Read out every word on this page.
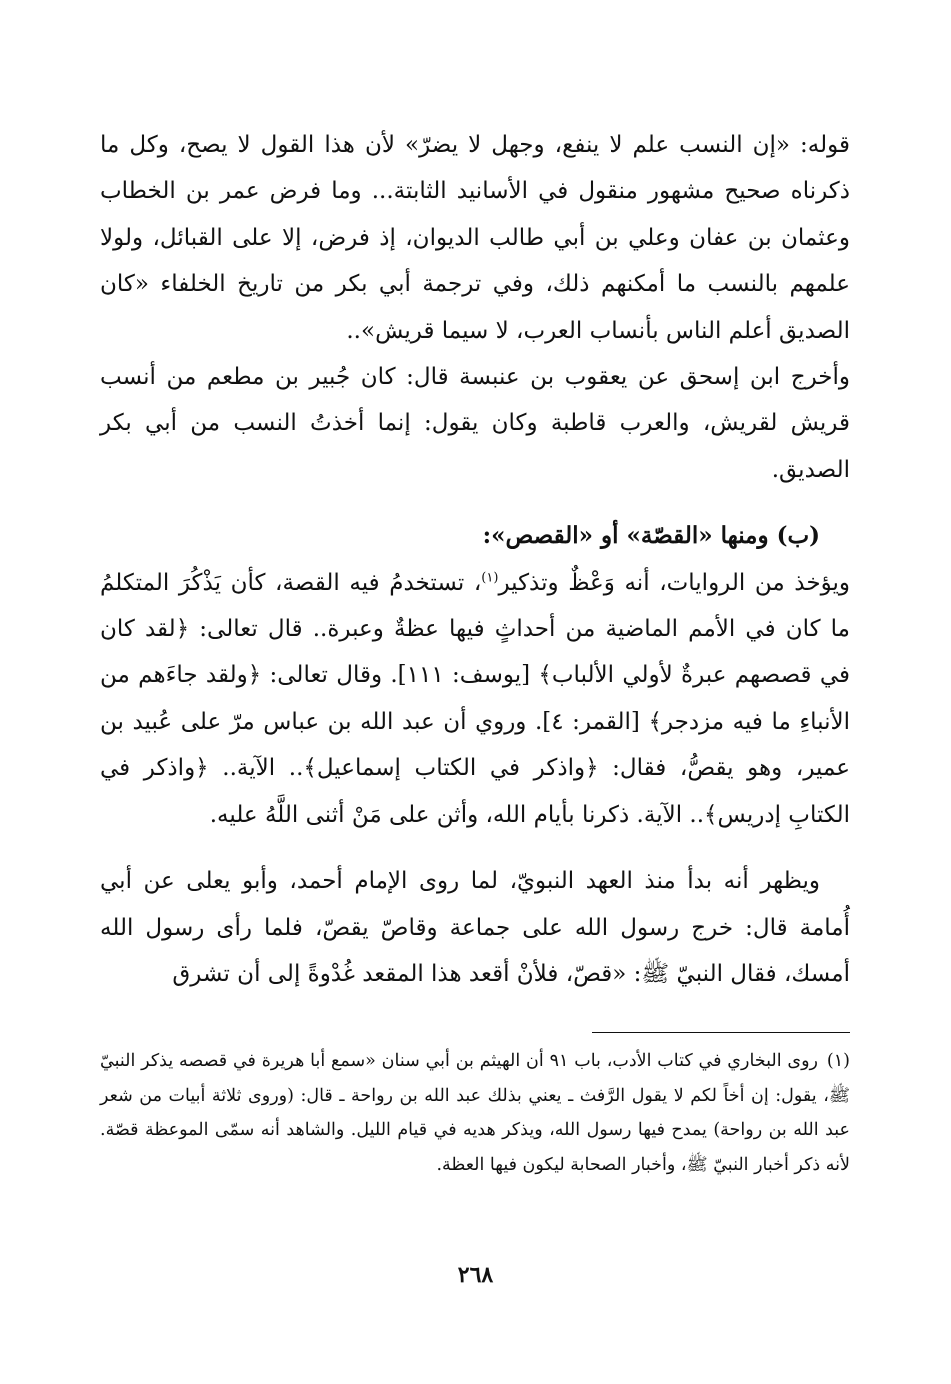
قوله: «إن النسب علم لا ينفع، وجهل لا يضرّ» لأن هذا القول لا يصح، وكل ما ذكرناه صحيح مشهور منقول في الأسانيد الثابتة... وما فرض عمر بن الخطاب وعثمان بن عفان وعلي بن أبي طالب الديوان، إذ فرض، إلا على القبائل، ولولا علمهم بالنسب ما أمكنهم ذلك، وفي ترجمة أبي بكر من تاريخ الخلفاء «كان الصديق أعلم الناس بأنساب العرب، لا سيما قريش»..

وأخرج ابن إسحق عن يعقوب بن عنبسة قال: كان جُبير بن مطعم من أنسب قريش لقريش، والعرب قاطبة وكان يقول: إنما أخذتُ النسب من أبي بكر الصديق.

(ب) ومنها «القصّة» أو «القصص»:

ويؤخذ من الروايات، أنه وَعْظٌ وتذكير$^{(١)}$، تستخدمُ فيه القصة، كأن يَذْكُرَ المتكلمُ ما كان في الأمم الماضية من أحداثٍ فيها عظةٌ وعبرة.. قال تعالى: ﴿لقد كان في قصصهم عبرةٌ لأولي الألباب﴾ [يوسف: ١١١]. وقال تعالى: ﴿ولقد جاءَهم من الأنباءِ ما فيه مزدجر﴾ [القمر: ٤]. وروي أن عبد الله بن عباس مرّ على عُبيد بن عمير، وهو يقصُّ، فقال: ﴿واذكر في الكتاب إسماعيل﴾.. الآية.. ﴿واذكر في الكتابِ إدريس﴾.. الآية. ذكرنا بأيام الله، وأثن على مَنْ أثنى اللَّهُ عليه.

ويظهر أنه بدأ منذ العهد النبويّ، لما روى الإمام أحمد، وأبو يعلى عن أبي أُمامة قال: خرج رسول الله على جماعة وقاصّ يقصّ، فلما رأى رسول الله أمسك، فقال النبيّ ﷺ: «قصّ، فلأنْ أقعد هذا المقعد غُدْوةً إلى أن تشرق

(١)روى البخاري في كتاب الأدب، باب ٩١ أن الهيثم بن أبي سنان «سمع أبا هريرة في قصصه يذكر النبيّ ﷺ، يقول: إن أخاً لكم لا يقول الرَّفث ـ يعني بذلك عبد الله بن رواحة ـ قال: (وروى ثلاثة أبيات من شعر عبد الله بن رواحة) يمدح فيها رسول الله، ويذكر هديه في قيام الليل. والشاهد أنه سمّى الموعظة قصّة. لأنه ذكر أخبار النبيّ ﷺ، وأخبار الصحابة ليكون فيها العظة.

٢٦٨
